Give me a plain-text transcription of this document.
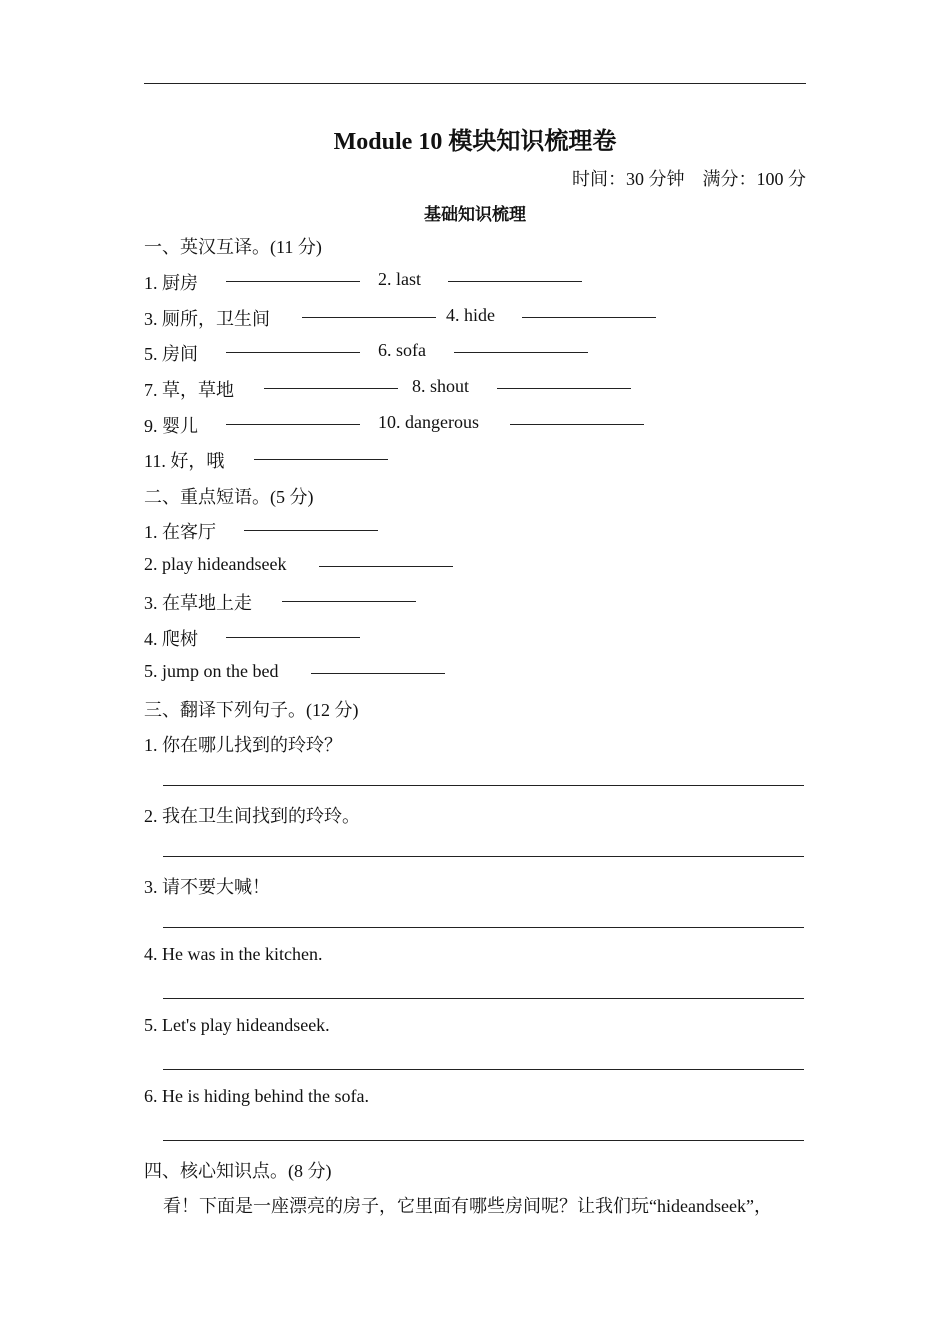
Module 10 模块知识梳理卷
时间：30 分钟 满分：100 分
基础知识梳理
一、英汉互译。(11 分)
1. 厨房	2. last
3. 厕所，卫生间	4. hide
5. 房间	6. sofa
7. 草，草地	8. shout
9. 婴儿	10. dangerous
11. 好，哦
二、重点短语。(5 分)
1. 在客厅
2. play hideandseek
3. 在草地上走
4. 爬树
5. jump on the bed
三、翻译下列句子。(12 分)
1. 你在哪儿找到的玲玲？
2. 我在卫生间找到的玲玲。
3. 请不要大喊！
4. He was in the kitchen.
5. Let's play hideandseek.
6. He is hiding behind the sofa.
四、核心知识点。(8 分)
看！下面是一座漂亮的房子，它里面有哪些房间呢？让我们玩“hideandseek”，
